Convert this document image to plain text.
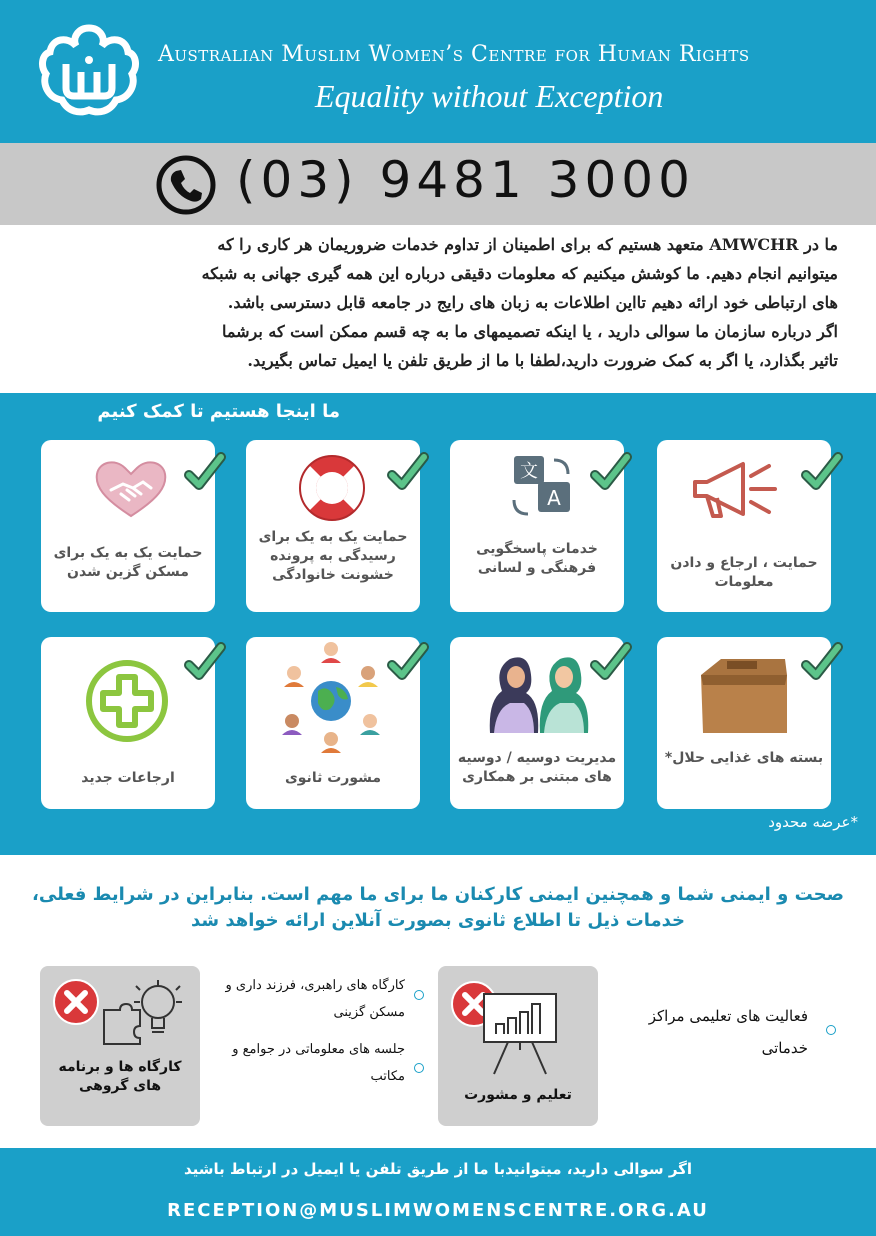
Australian Muslim Women’s Centre for Human Rights
Equality without Exception
(03) 9481 3000
ما در AMWCHR متعهد هستیم که برای اطمینان از تداوم خدمات ضروریمان هر کاری را که
میتوانیم انجام دهیم. ما کوشش میکنیم که معلومات دقیقی درباره این همه گیری جهانی به شبکه
های ارتباطی خود ارائه دهیم تااین اطلاعات به زبان های رایج در جامعه قابل دسترسی باشد.
اگر درباره سازمان ما سوالی دارید ، یا اینکه تصمیمهای ما به چه قسم ممکن است که برشما
تاثیر بگذارد، یا اگر به کمک ضرورت دارید،لطفا با ما از طریق تلفن یا ایمیل تماس بگیرید.
ما اینجا هستیم تا کمک کنیم
حمایت یک به یک برای مسکن گزین شدن
حمایت یک به یک برای رسیدگی به پرونده خشونت خانوادگی
文
A
خدمات پاسخگویی فرهنگی و لسانی	حمایت ، ارجاع و دادن معلومات
ارجاعات جدید	مشورت ثانوی
مدیریت دوسیه / دوسیه های مبتنی بر همکاری
بسته های غذایی حلال*
*عرضه محدود
صحت و ایمنی شما و همچنین ایمنی کارکنان ما برای ما مهم است. بنابراین در شرایط فعلی، خدمات ذیل تا اطلاع ثانوی بصورت آنلاین ارائه خواهد شد
کارگاه ها و برنامه های گروهی
کارگاه های راهبری، فرزند داری و مسکن گزینی
جلسه های معلوماتی در جوامع و مکاتب
تعلیم و مشورت
فعالیت های تعلیمی مراکز خدماتی
اگر سوالی دارید، میتوانیدبا ما از طریق تلفن یا ایمیل در ارتباط باشید
RECEPTION@MUSLIMWOMENSCENTRE.ORG.AU
